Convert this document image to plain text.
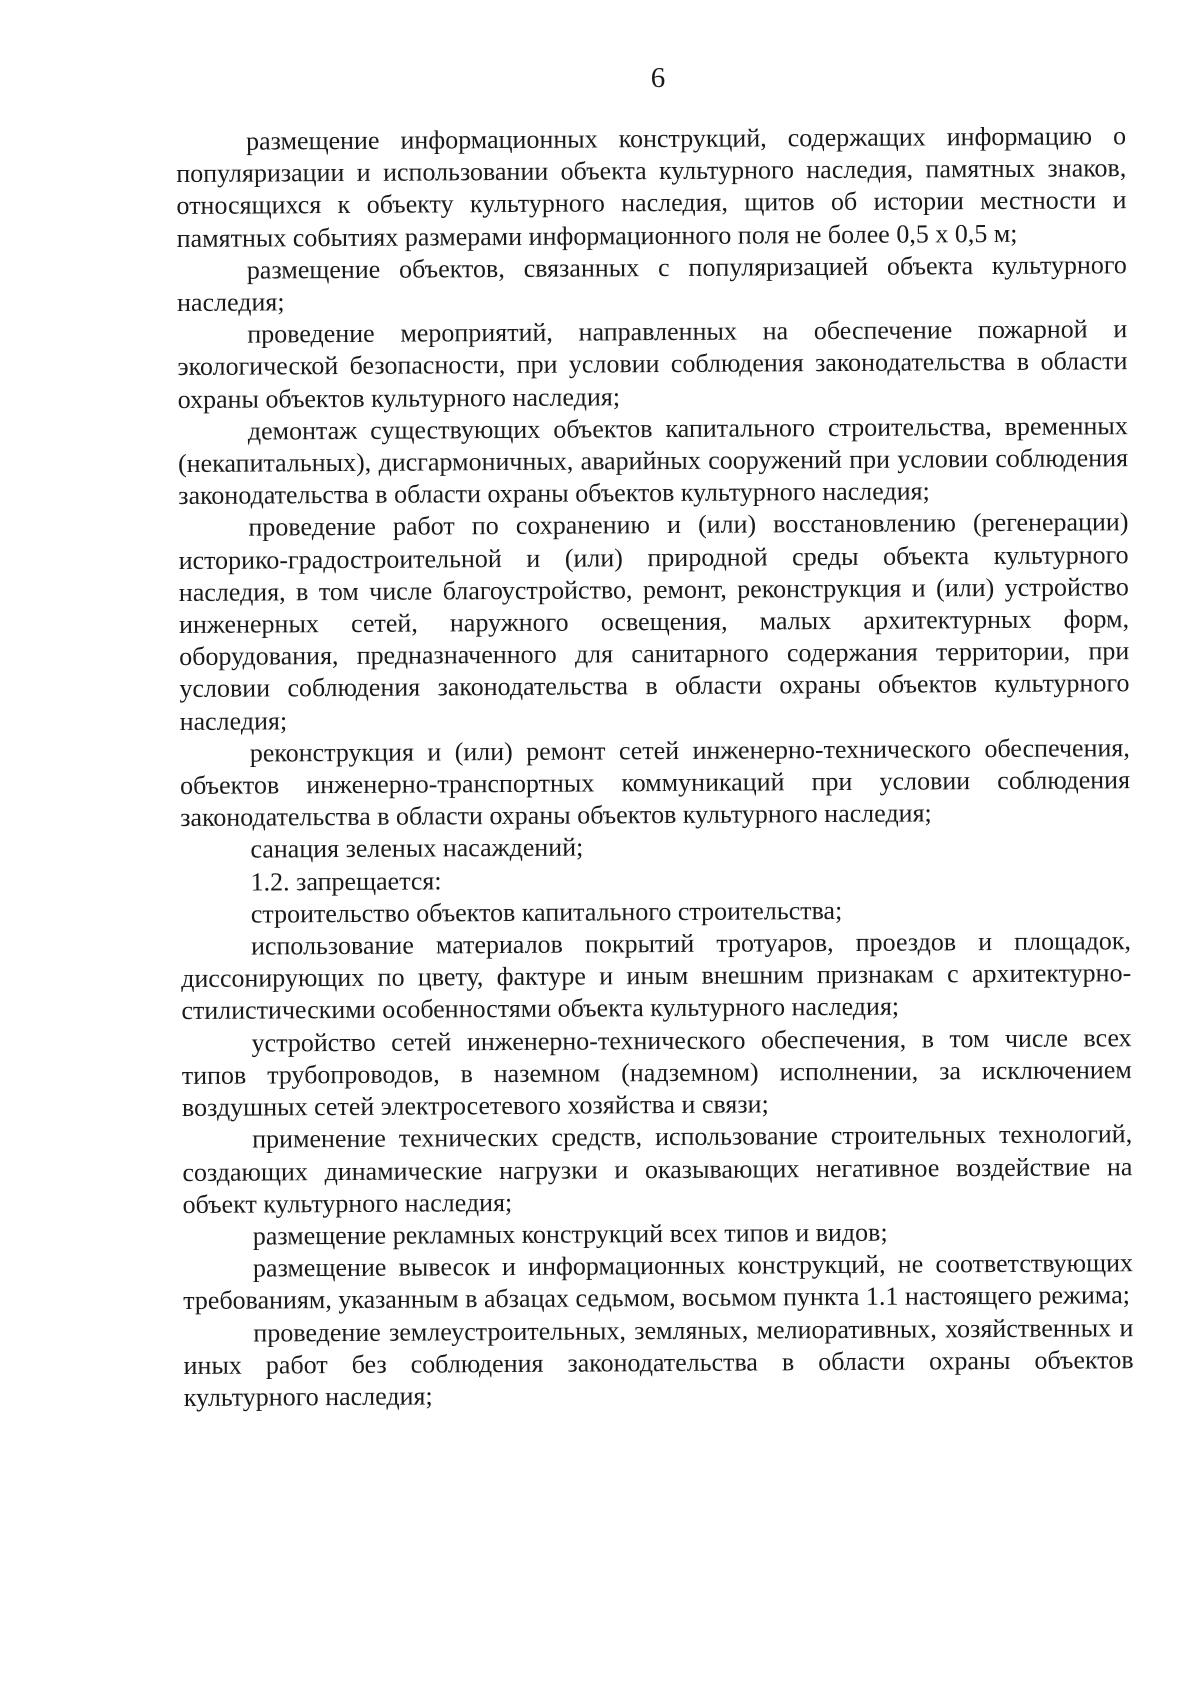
6

размещение информационных конструкций, содержащих информацию о популяризации и использовании объекта культурного наследия, памятных знаков, относящихся к объекту культурного наследия, щитов об истории местности и памятных событиях размерами информационного поля не более 0,5 х 0,5 м;

размещение объектов, связанных с популяризацией объекта культурного наследия;

проведение мероприятий, направленных на обеспечение пожарной и экологической безопасности, при условии соблюдения законодательства в области охраны объектов культурного наследия;

демонтаж существующих объектов капитального строительства, временных (некапитальных), дисгармоничных, аварийных сооружений при условии соблюдения законодательства в области охраны объектов культурного наследия;

проведение работ по сохранению и (или) восстановлению (регенерации) историко-градостроительной и (или) природной среды объекта культурного наследия, в том числе благоустройство, ремонт, реконструкция и (или) устройство инженерных сетей, наружного освещения, малых архитектурных форм, оборудования, предназначенного для санитарного содержания территории, при условии соблюдения законодательства в области охраны объектов культурного наследия;

реконструкция и (или) ремонт сетей инженерно-технического обеспечения, объектов инженерно-транспортных коммуникаций при условии соблюдения законодательства в области охраны объектов культурного наследия;

санация зеленых насаждений;

1.2. запрещается:

строительство объектов капитального строительства;

использование материалов покрытий тротуаров, проездов и площадок, диссонирующих по цвету, фактуре и иным внешним признакам с архитектурно-стилистическими особенностями объекта культурного наследия;

устройство сетей инженерно-технического обеспечения, в том числе всех типов трубопроводов, в наземном (надземном) исполнении, за исключением воздушных сетей электросетевого хозяйства и связи;

применение технических средств, использование строительных технологий, создающих динамические нагрузки и оказывающих негативное воздействие на объект культурного наследия;

размещение рекламных конструкций всех типов и видов;

размещение вывесок и информационных конструкций, не соответствующих требованиям, указанным в абзацах седьмом, восьмом пункта 1.1 настоящего режима;

проведение землеустроительных, земляных, мелиоративных, хозяйственных и иных работ без соблюдения законодательства в области охраны объектов культурного наследия;
